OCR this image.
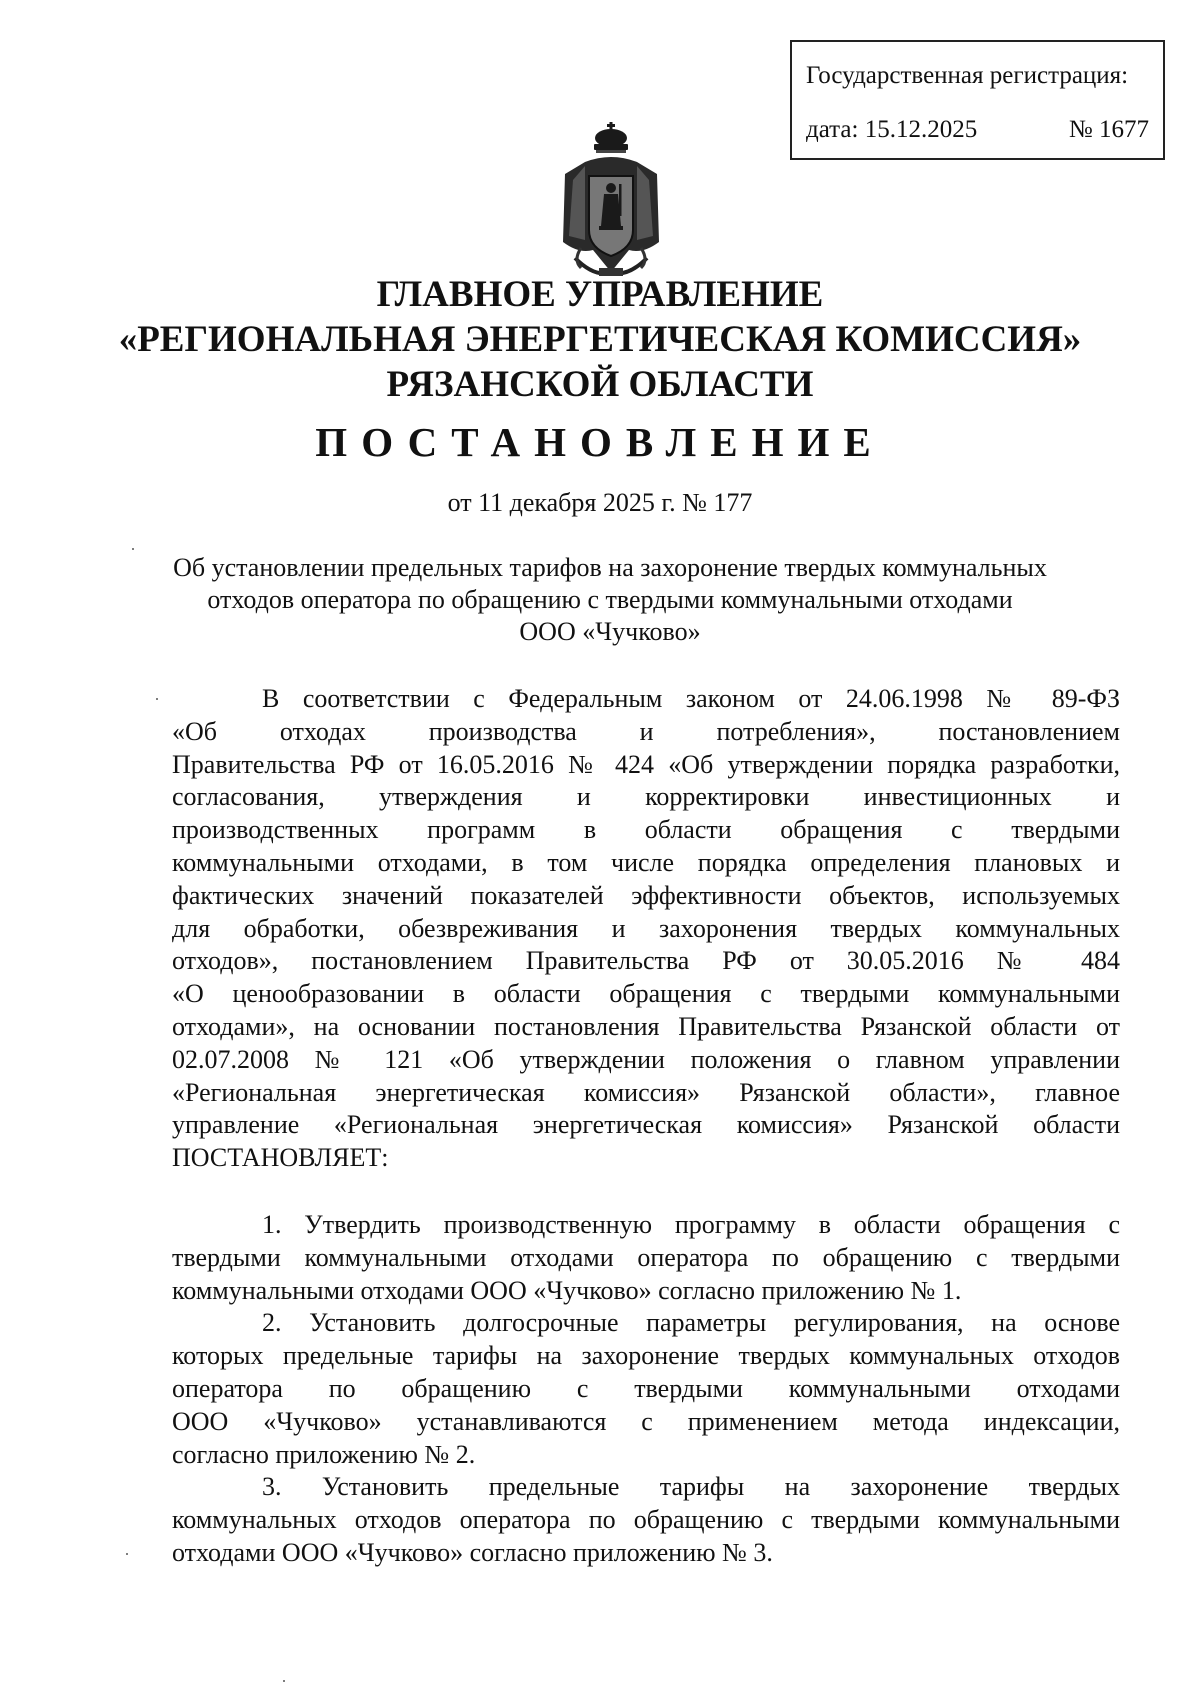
Государственная регистрация:
дата: 15.12.2025	№ 1677
ГЛАВНОЕ УПРАВЛЕНИЕ
«РЕГИОНАЛЬНАЯ ЭНЕРГЕТИЧЕСКАЯ КОМИССИЯ»
РЯЗАНСКОЙ ОБЛАСТИ
ПОСТАНОВЛЕНИЕ
от 11 декабря 2025 г. № 177
Об установлении предельных тарифов на захоронение твердых коммунальных
отходов оператора по обращению с твердыми коммунальными отходами
ООО «Чучково»
В соответствии с Федеральным законом от 24.06.1998 № 89-ФЗ
«Об отходах производства и потребления», постановлением
Правительства РФ от 16.05.2016 № 424 «Об утверждении порядка разработки,
согласования, утверждения и корректировки инвестиционных и
производственных программ в области обращения с твердыми
коммунальными отходами, в том числе порядка определения плановых и
фактических значений показателей эффективности объектов, используемых
для обработки, обезвреживания и захоронения твердых коммунальных
отходов», постановлением Правительства РФ от 30.05.2016 № 484
«О ценообразовании в области обращения с твердыми коммунальными
отходами», на основании постановления Правительства Рязанской области от
02.07.2008 № 121 «Об утверждении положения о главном управлении
«Региональная энергетическая комиссия» Рязанской области», главное
управление «Региональная энергетическая комиссия» Рязанской области
ПОСТАНОВЛЯЕТ:
1. Утвердить производственную программу в области обращения с
твердыми коммунальными отходами оператора по обращению с твердыми
коммунальными отходами ООО «Чучково» согласно приложению № 1.
2. Установить долгосрочные параметры регулирования, на основе
которых предельные тарифы на захоронение твердых коммунальных отходов
оператора по обращению с твердыми коммунальными отходами
ООО «Чучково» устанавливаются с применением метода индексации,
согласно приложению № 2.
3. Установить предельные тарифы на захоронение твердых
коммунальных отходов оператора по обращению с твердыми коммунальными
отходами ООО «Чучково» согласно приложению № 3.
